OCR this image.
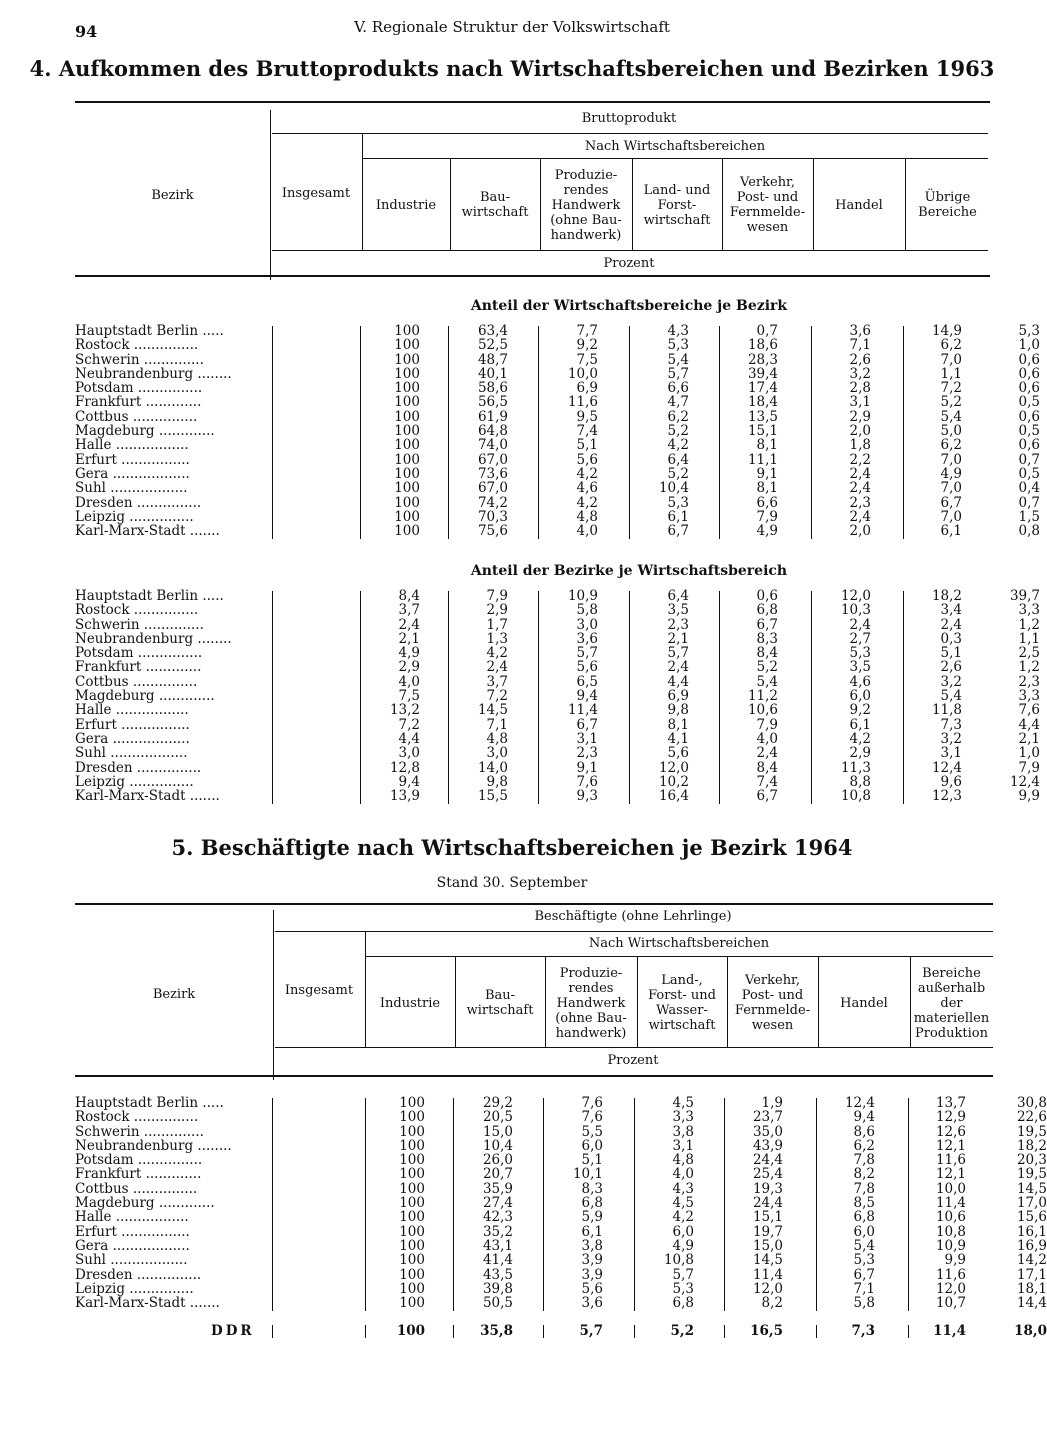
94	V. Regionale Struktur der Volkswirtschaft
4. Aufkommen des Bruttoprodukts nach Wirtschaftsbereichen und Bezirken 1963
Bezirk
Bruttoprodukt
Nach Wirtschaftsbereichen
Prozent
Insgesamt
Industrie	Bau-
wirtschaft
Produzie-
rendes
Handwerk
(ohne Bau-
handwerk)
Land- und
Forst-
wirtschaft
Verkehr,
Post- und
Fernmelde-
wesen
Handel	Übrige
Bereiche
Anteil der Wirtschaftsbereiche je Bezirk
Hauptstadt Berlin .....	100	63,4	7,7	4,3	0,7	3,6	14,9	5,3
Rostock ...............	100	52,5	9,2	5,3	18,6	7,1	6,2	1,0
Schwerin ..............	100	48,7	7,5	5,4	28,3	2,6	7,0	0,6
Neubrandenburg ........	100	40,1	10,0	5,7	39,4	3,2	1,1	0,6
Potsdam ...............	100	58,6	6,9	6,6	17,4	2,8	7,2	0,6
Frankfurt .............	100	56,5	11,6	4,7	18,4	3,1	5,2	0,5
Cottbus ...............	100	61,9	9,5	6,2	13,5	2,9	5,4	0,6
Magdeburg .............	100	64,8	7,4	5,2	15,1	2,0	5,0	0,5
Halle .................	100	74,0	5,1	4,2	8,1	1,8	6,2	0,6
Erfurt ................	100	67,0	5,6	6,4	11,1	2,2	7,0	0,7
Gera ..................	100	73,6	4,2	5,2	9,1	2,4	4,9	0,5
Suhl ..................	100	67,0	4,6	10,4	8,1	2,4	7,0	0,4
Dresden ...............	100	74,2	4,2	5,3	6,6	2,3	6,7	0,7
Leipzig ...............	100	70,3	4,8	6,1	7,9	2,4	7,0	1,5
Karl-Marx-Stadt .......	100	75,6	4,0	6,7	4,9	2,0	6,1	0,8
Anteil der Bezirke je Wirtschaftsbereich
Hauptstadt Berlin .....	8,4	7,9	10,9	6,4	0,6	12,0	18,2	39,7
Rostock ...............	3,7	2,9	5,8	3,5	6,8	10,3	3,4	3,3
Schwerin ..............	2,4	1,7	3,0	2,3	6,7	2,4	2,4	1,2
Neubrandenburg ........	2,1	1,3	3,6	2,1	8,3	2,7	0,3	1,1
Potsdam ...............	4,9	4,2	5,7	5,7	8,4	5,3	5,1	2,5
Frankfurt .............	2,9	2,4	5,6	2,4	5,2	3,5	2,6	1,2
Cottbus ...............	4,0	3,7	6,5	4,4	5,4	4,6	3,2	2,3
Magdeburg .............	7,5	7,2	9,4	6,9	11,2	6,0	5,4	3,3
Halle .................	13,2	14,5	11,4	9,8	10,6	9,2	11,8	7,6
Erfurt ................	7,2	7,1	6,7	8,1	7,9	6,1	7,3	4,4
Gera ..................	4,4	4,8	3,1	4,1	4,0	4,2	3,2	2,1
Suhl ..................	3,0	3,0	2,3	5,6	2,4	2,9	3,1	1,0
Dresden ...............	12,8	14,0	9,1	12,0	8,4	11,3	12,4	7,9
Leipzig ...............	9,4	9,8	7,6	10,2	7,4	8,8	9,6	12,4
Karl-Marx-Stadt .......	13,9	15,5	9,3	16,4	6,7	10,8	12,3	9,9
5. Beschäftigte nach Wirtschaftsbereichen je Bezirk 1964
Stand 30. September
Bezirk
Beschäftigte (ohne Lehrlinge)
Nach Wirtschaftsbereichen
Prozent
Insgesamt
Industrie	Bau-
wirtschaft
Produzie-
rendes
Handwerk
(ohne Bau-
handwerk)
Land-,
Forst- und
Wasser-
wirtschaft
Verkehr,
Post- und
Fernmelde-
wesen
Handel
Bereiche
außerhalb
der
materiellen
Produktion
Hauptstadt Berlin .....	100	29,2	7,6	4,5	1,9	12,4	13,7	30,8
Rostock ...............	100	20,5	7,6	3,3	23,7	9,4	12,9	22,6
Schwerin ..............	100	15,0	5,5	3,8	35,0	8,6	12,6	19,5
Neubrandenburg ........	100	10,4	6,0	3,1	43,9	6,2	12,1	18,2
Potsdam ...............	100	26,0	5,1	4,8	24,4	7,8	11,6	20,3
Frankfurt .............	100	20,7	10,1	4,0	25,4	8,2	12,1	19,5
Cottbus ...............	100	35,9	8,3	4,3	19,3	7,8	10,0	14,5
Magdeburg .............	100	27,4	6,8	4,5	24,4	8,5	11,4	17,0
Halle .................	100	42,3	5,9	4,2	15,1	6,8	10,6	15,6
Erfurt ................	100	35,2	6,1	6,0	19,7	6,0	10,8	16,1
Gera ..................	100	43,1	3,8	4,9	15,0	5,4	10,9	16,9
Suhl ..................	100	41,4	3,9	10,8	14,5	5,3	9,9	14,2
Dresden ...............	100	43,5	3,9	5,7	11,4	6,7	11,6	17,1
Leipzig ...............	100	39,8	5,6	5,3	12,0	7,1	12,0	18,1
Karl-Marx-Stadt .......	100	50,5	3,6	6,8	8,2	5,8	10,7	14,4
DDR	100	35,8	5,7	5,2	16,5	7,3	11,4	18,0
